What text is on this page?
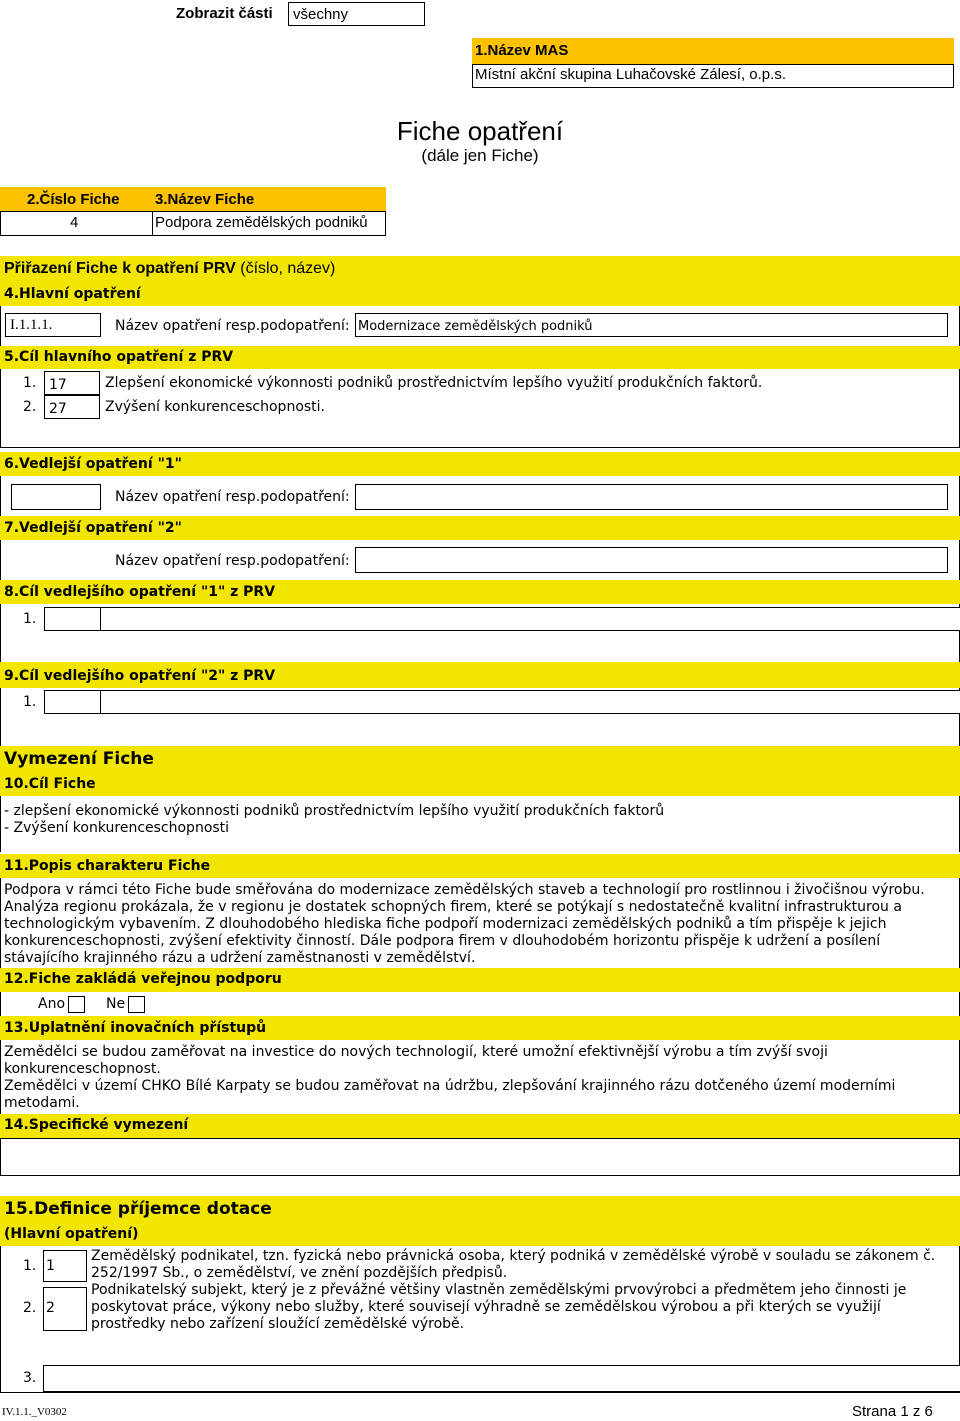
Zobrazit části	všechny
1.Název MAS
Místní akční skupina Luhačovské Zálesí, o.p.s.
Fiche opatření
(dále jen Fiche)
2.Číslo Fiche 3.Název Fiche
4	Podpora zemědělských podniků
Přiřazení Fiche k opatření PRV (číslo, název)
4.Hlavní opatření
I.1.1.1.	Název opatření resp.podopatření: Modernizace zemědělských podniků
5.Cíl hlavního opatření z PRV
1. 17	Zlepšení ekonomické výkonnosti podniků prostřednictvím lepšího využití produkčních faktorů.
2. 27	Zvýšení konkurenceschopnosti.
6.Vedlejší opatření "1"
Název opatření resp.podopatření:
7.Vedlejší opatření "2"
Název opatření resp.podopatření:
8.Cíl vedlejšího opatření "1" z PRV
1.
9.Cíl vedlejšího opatření "2" z PRV
1.
Vymezení Fiche
10.Cíl Fiche
- zlepšení ekonomické výkonnosti podniků prostřednictvím lepšího využití produkčních faktorů
- Zvýšení konkurenceschopnosti
11.Popis charakteru Fiche
Podpora v rámci této Fiche bude směřována do modernizace zemědělských staveb a technologií pro rostlinnou i živočišnou výrobu.
Analýza regionu prokázala, že v regionu je dostatek schopných firem, které se potýkají s nedostatečně kvalitní infrastrukturou a
technologickým vybavením. Z dlouhodobého hlediska fiche podpoří modernizaci zemědělských podniků a tím přispěje k jejich
konkurenceschopnosti, zvýšení efektivity činností. Dále podpora firem v dlouhodobém horizontu přispěje k udržení a posílení
stávajícího krajinného rázu a udržení zaměstnanosti v zemědělství.
12.Fiche zakládá veřejnou podporu
Ano	Ne
13.Uplatnění inovačních přístupů
Zemědělci se budou zaměřovat na investice do nových technologií, které umožní efektivnější výrobu a tím zvýší svoji
konkurenceschopnost.
Zemědělci v území CHKO Bílé Karpaty se budou zaměřovat na údržbu, zlepšování krajinného rázu dotčeného území moderními
metodami.
14.Specifické vymezení
15.Definice příjemce dotace
(Hlavní opatření)
1. 1
Zemědělský podnikatel, tzn. fyzická nebo právnická osoba, který podniká v zemědělské výrobě v souladu se zákonem č.
252/1997 Sb., o zemědělství, ve znění pozdějších předpisů.
2. 2
Podnikatelský subjekt, který je z převážné většiny vlastněn zemědělskými prvovýrobci a předmětem jeho činnosti je
poskytovat práce, výkony nebo služby, které souvisejí výhradně se zemědělskou výrobou a při kterých se využijí
prostředky nebo zařízení sloužící zemědělské výrobě.
3.
IV.1.1._V0302	Strana 1 z 6
